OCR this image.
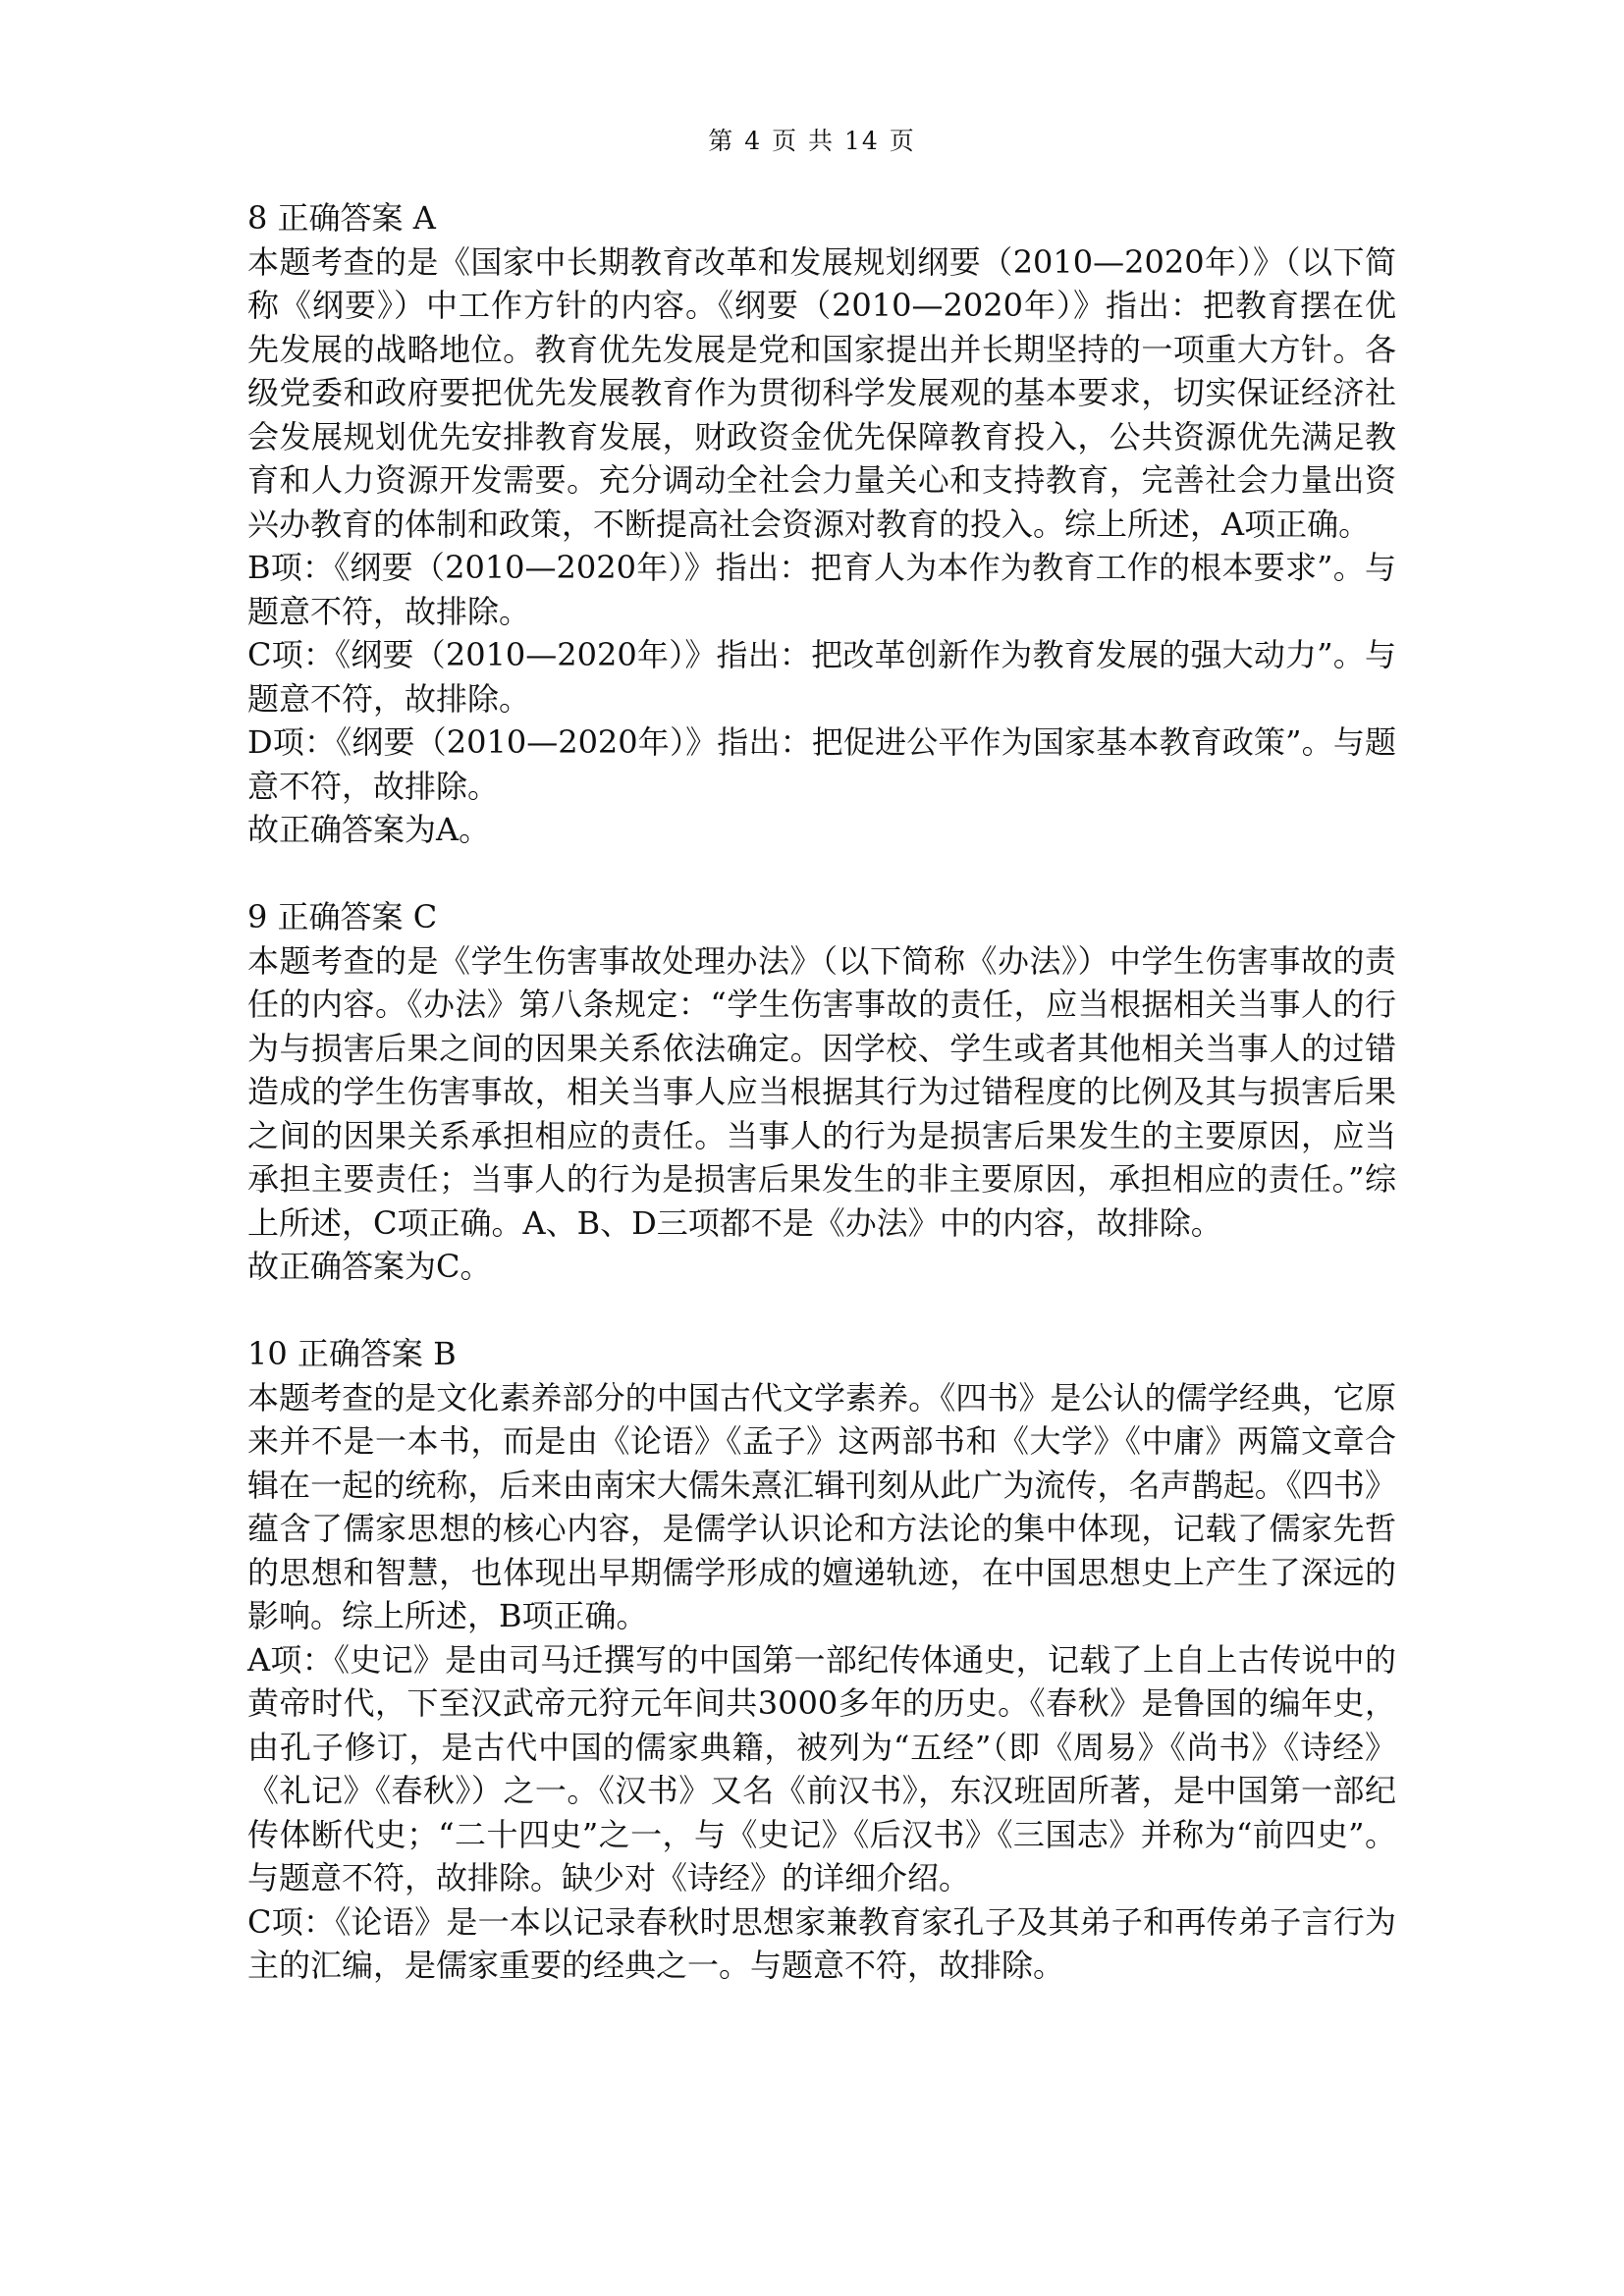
第 4 页 共 14 页
8 正确答案 A

本题考查的是《国家中长期教育改革和发展规划纲要（2010—2020年）》（以下简称《纲要》）中工作方针的内容。《纲要（2010—2020年）》指出：把教育摆在优先发展的战略地位。教育优先发展是党和国家提出并长期坚持的一项重大方针。各级党委和政府要把优先发展教育作为贯彻科学发展观的基本要求，切实保证经济社会发展规划优先安排教育发展，财政资金优先保障教育投入，公共资源优先满足教育和人力资源开发需要。充分调动全社会力量关心和支持教育，完善社会力量出资兴办教育的体制和政策，不断提高社会资源对教育的投入。综上所述，A项正确。

B项：《纲要（2010—2020年）》指出：把育人为本作为教育工作的根本要求”。与题意不符，故排除。

C项：《纲要（2010—2020年）》指出：把改革创新作为教育发展的强大动力”。与题意不符，故排除。

D项：《纲要（2010—2020年）》指出：把促进公平作为国家基本教育政策”。与题意不符，故排除。

故正确答案为A。

9 正确答案 C

本题考查的是《学生伤害事故处理办法》（以下简称《办法》）中学生伤害事故的责任的内容。《办法》第八条规定：“学生伤害事故的责任，应当根据相关当事人的行为与损害后果之间的因果关系依法确定。因学校、学生或者其他相关当事人的过错造成的学生伤害事故，相关当事人应当根据其行为过错程度的比例及其与损害后果之间的因果关系承担相应的责任。当事人的行为是损害后果发生的主要原因，应当承担主要责任；当事人的行为是损害后果发生的非主要原因，承担相应的责任。”综上所述，C项正确。A、B、D三项都不是《办法》中的内容，故排除。

故正确答案为C。

10 正确答案 B

本题考查的是文化素养部分的中国古代文学素养。《四书》是公认的儒学经典，它原来并不是一本书，而是由《论语》《孟子》这两部书和《大学》《中庸》两篇文章合辑在一起的统称，后来由南宋大儒朱熹汇辑刊刻从此广为流传，名声鹊起。《四书》蕴含了儒家思想的核心内容，是儒学认识论和方法论的集中体现，记载了儒家先哲的思想和智慧，也体现出早期儒学形成的嬗递轨迹，在中国思想史上产生了深远的影响。综上所述，B项正确。

A项：《史记》是由司马迁撰写的中国第一部纪传体通史，记载了上自上古传说中的黄帝时代，下至汉武帝元狩元年间共3000多年的历史。《春秋》是鲁国的编年史，由孔子修订，是古代中国的儒家典籍，被列为“五经”（即《周易》《尚书》《诗经》《礼记》《春秋》）之一。《汉书》又名《前汉书》，东汉班固所著，是中国第一部纪传体断代史；“二十四史”之一，与《史记》《后汉书》《三国志》并称为“前四史”。与题意不符，故排除。缺少对《诗经》的详细介绍。

C项：《论语》是一本以记录春秋时思想家兼教育家孔子及其弟子和再传弟子言行为主的汇编，是儒家重要的经典之一。与题意不符，故排除。
